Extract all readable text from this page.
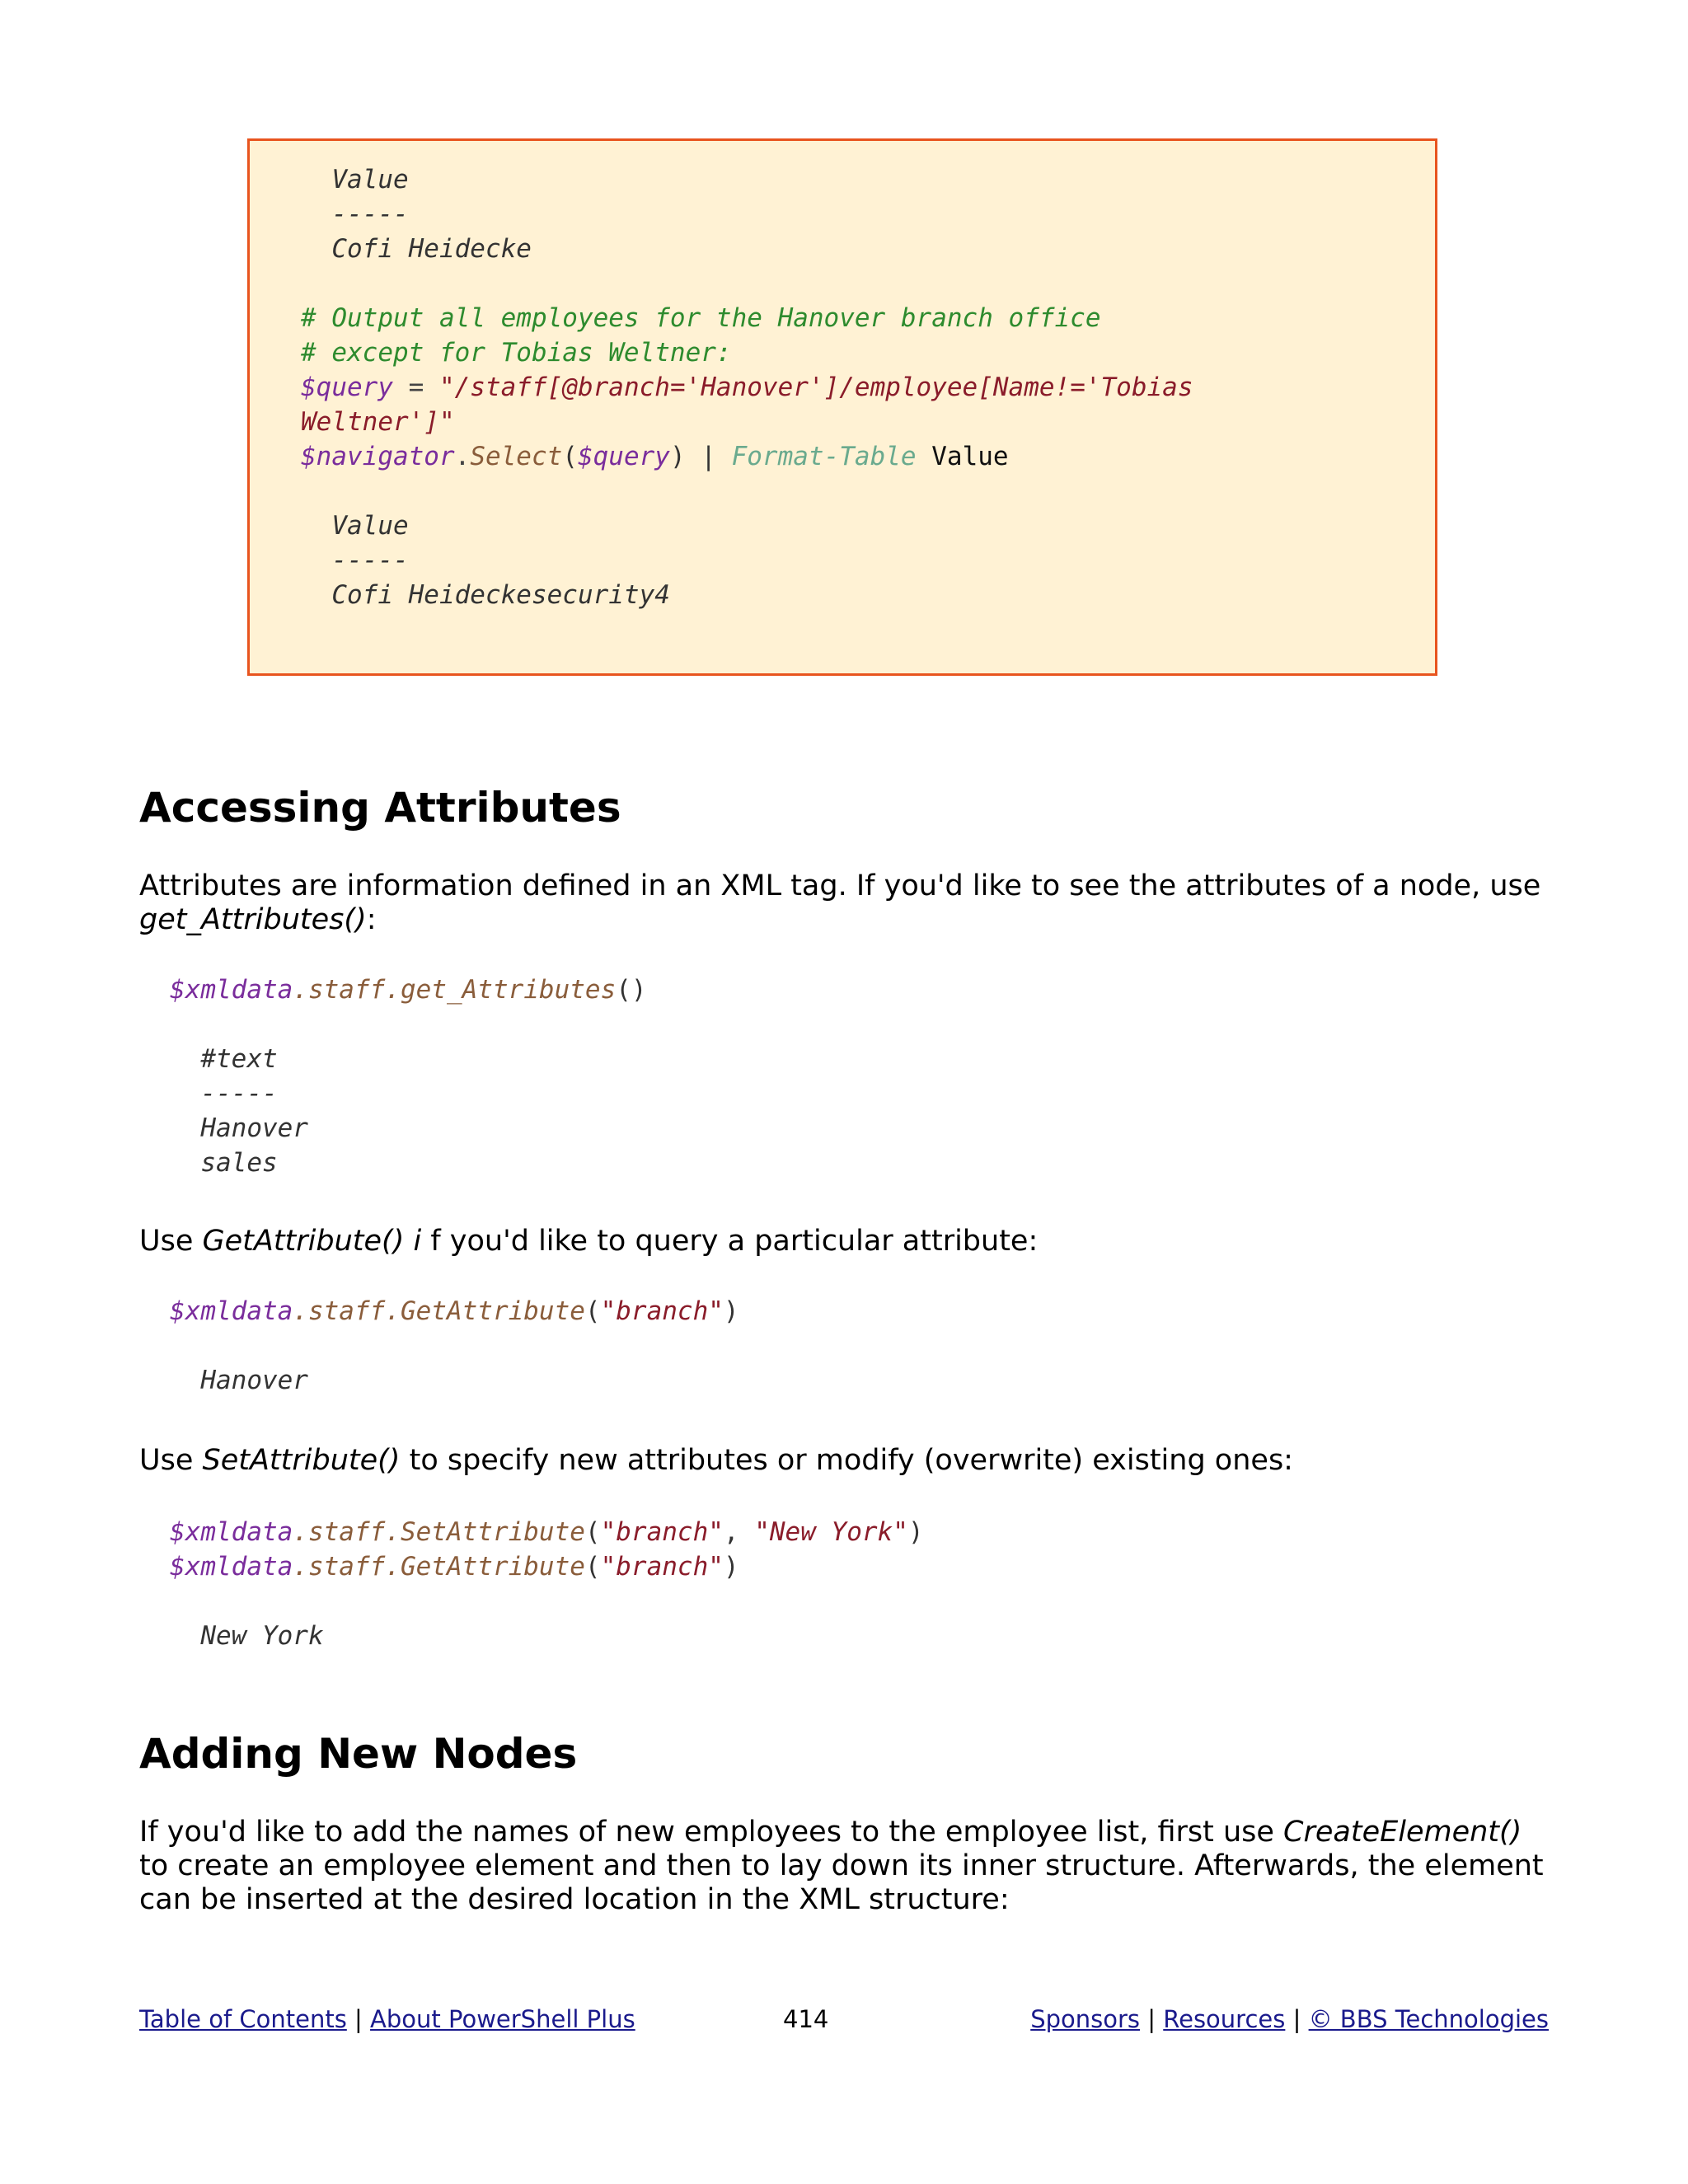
Value
-----
Cofi Heidecke

# Output all employees for the Hanover branch office
# except for Tobias Weltner:
$query = "/staff[@branch='Hanover']/employee[Name!='Tobias
Weltner']"
$navigator.Select($query) | Format-Table Value

Value
-----
Cofi Heideckesecurity4
Accessing Attributes

Attributes are information defined in an XML tag. If you'd like to see the attributes of a node, use get_Attributes():

$xmldata.staff.get_Attributes()

#text
-----
Hanover
sales

Use GetAttribute() i f you'd like to query a particular attribute:

$xmldata.staff.GetAttribute("branch")

Hanover

Use SetAttribute() to specify new attributes or modify (overwrite) existing ones:

$xmldata.staff.SetAttribute("branch", "New York")
$xmldata.staff.GetAttribute("branch")

New York
Adding New Nodes

If you'd like to add the names of new employees to the employee list, first use CreateElement() to create an employee element and then to lay down its inner structure. Afterwards, the element can be inserted at the desired location in the XML structure:

Table of Contents | About PowerShell Plus	414	Sponsors | Resources | © BBS Technologies
